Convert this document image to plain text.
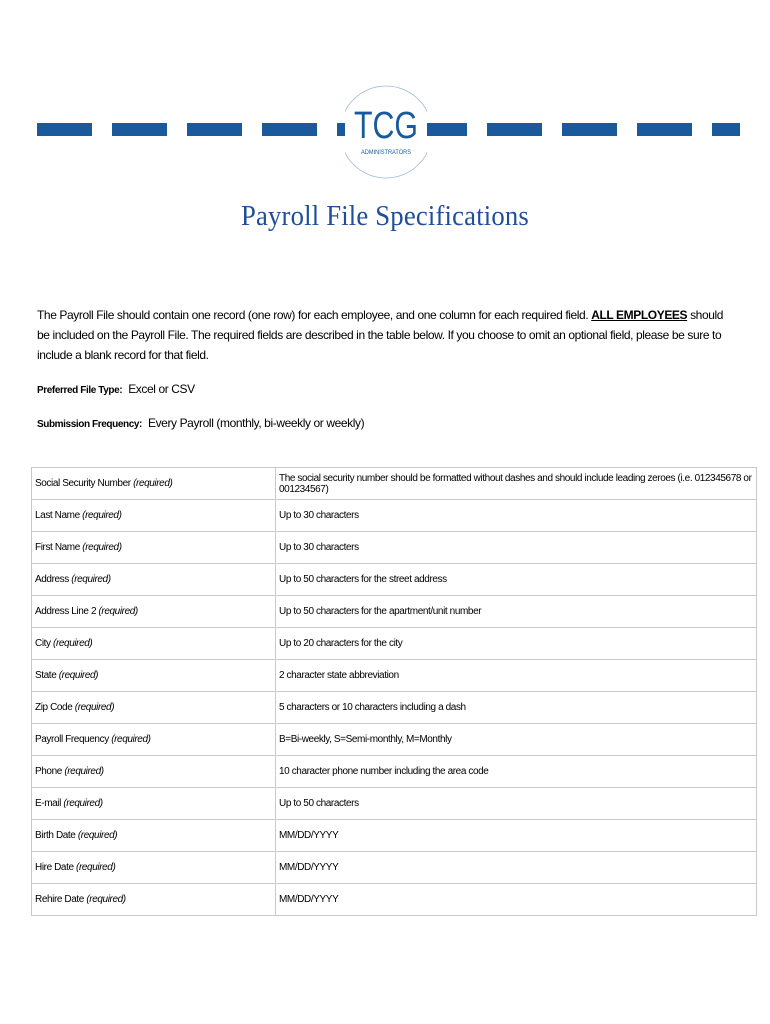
TCG
ADMINISTRATORS
Payroll File Specifications
The Payroll File should contain one record (one row) for each employee, and one column for each required field. ALL EMPLOYEES should be included on the Payroll File. The required fields are described in the table below. If you choose to omit an optional field, please be sure to include a blank record for that field.
Preferred File Type: Excel or CSV
Submission Frequency: Every Payroll (monthly, bi-weekly or weekly)
Social Security Number (required)	The social security number should be formatted without dashes and should include leading zeroes (i.e. 012345678 or 001234567)
Last Name (required)	Up to 30 characters
First Name (required)	Up to 30 characters
Address (required)	Up to 50 characters for the street address
Address Line 2 (required)	Up to 50 characters for the apartment/unit number
City (required)	Up to 20 characters for the city
State (required)	2 character state abbreviation
Zip Code (required)	5 characters or 10 characters including a dash
Payroll Frequency (required)	B=Bi-weekly, S=Semi-monthly, M=Monthly
Phone (required)	10 character phone number including the area code
E-mail (required)	Up to 50 characters
Birth Date (required)	MM/DD/YYYY
Hire Date (required)	MM/DD/YYYY
Rehire Date (required)	MM/DD/YYYY
